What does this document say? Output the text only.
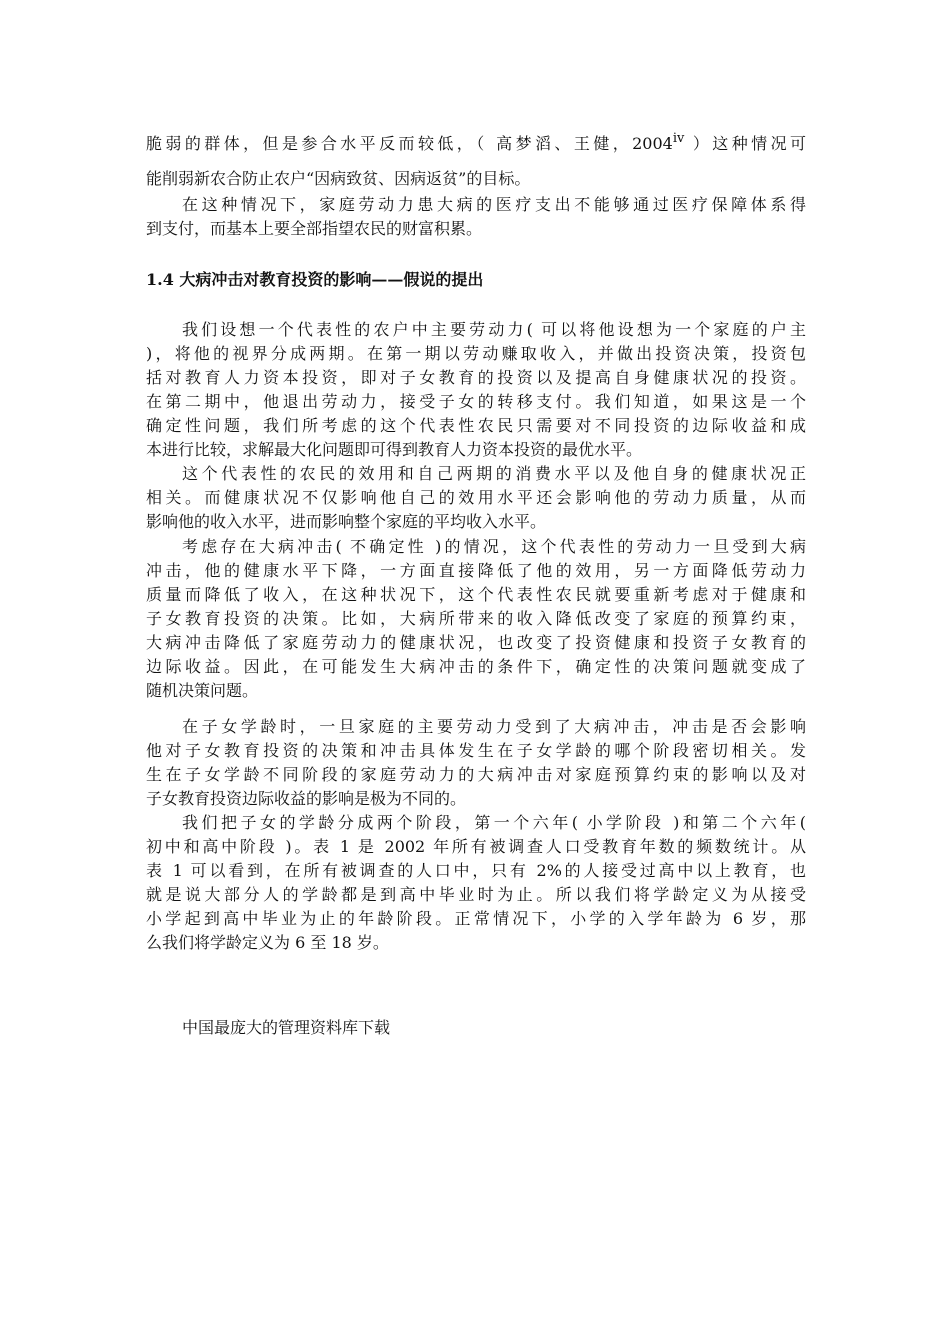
脆弱的群体，但是参合水平反而较低，（ 高梦滔、王健，2004$^{iv}$ ）这种情况可
能削弱新农合防止农户“因病致贫、因病返贫”的目标。
在这种情况下，家庭劳动力患大病的医疗支出不能够通过医疗保障体系得
到支付，而基本上要全部指望农民的财富积累。
1.4 大病冲击对教育投资的影响——假说的提出
我们设想一个代表性的农户中主要劳动力( 可以将他设想为一个家庭的户主
)，将他的视界分成两期。在第一期以劳动赚取收入，并做出投资决策，投资包
括对教育人力资本投资，即对子女教育的投资以及提高自身健康状况的投资。
在第二期中，他退出劳动力，接受子女的转移支付。我们知道，如果这是一个
确定性问题，我们所考虑的这个代表性农民只需要对不同投资的边际收益和成
本进行比较，求解最大化问题即可得到教育人力资本投资的最优水平。
这个代表性的农民的效用和自己两期的消费水平以及他自身的健康状况正
相关。而健康状况不仅影响他自己的效用水平还会影响他的劳动力质量，从而
影响他的收入水平，进而影响整个家庭的平均收入水平。
考虑存在大病冲击( 不确定性 )的情况，这个代表性的劳动力一旦受到大病
冲击，他的健康水平下降，一方面直接降低了他的效用，另一方面降低劳动力
质量而降低了收入，在这种状况下，这个代表性农民就要重新考虑对于健康和
子女教育投资的决策。比如，大病所带来的收入降低改变了家庭的预算约束，
大病冲击降低了家庭劳动力的健康状况，也改变了投资健康和投资子女教育的
边际收益。因此，在可能发生大病冲击的条件下，确定性的决策问题就变成了
随机决策问题。
在子女学龄时，一旦家庭的主要劳动力受到了大病冲击，冲击是否会影响
他对子女教育投资的决策和冲击具体发生在子女学龄的哪个阶段密切相关。发
生在子女学龄不同阶段的家庭劳动力的大病冲击对家庭预算约束的影响以及对
子女教育投资边际收益的影响是极为不同的。
我们把子女的学龄分成两个阶段，第一个六年( 小学阶段 )和第二个六年(
初中和高中阶段 )。表 1 是 2002 年所有被调查人口受教育年数的频数统计。从
表 1 可以看到，在所有被调查的人口中，只有 2%的人接受过高中以上教育，也
就是说大部分人的学龄都是到高中毕业时为止。所以我们将学龄定义为从接受
小学起到高中毕业为止的年龄阶段。正常情况下，小学的入学年龄为 6 岁，那
么我们将学龄定义为 6 至 18 岁。
中国最庞大的管理资料库下载
